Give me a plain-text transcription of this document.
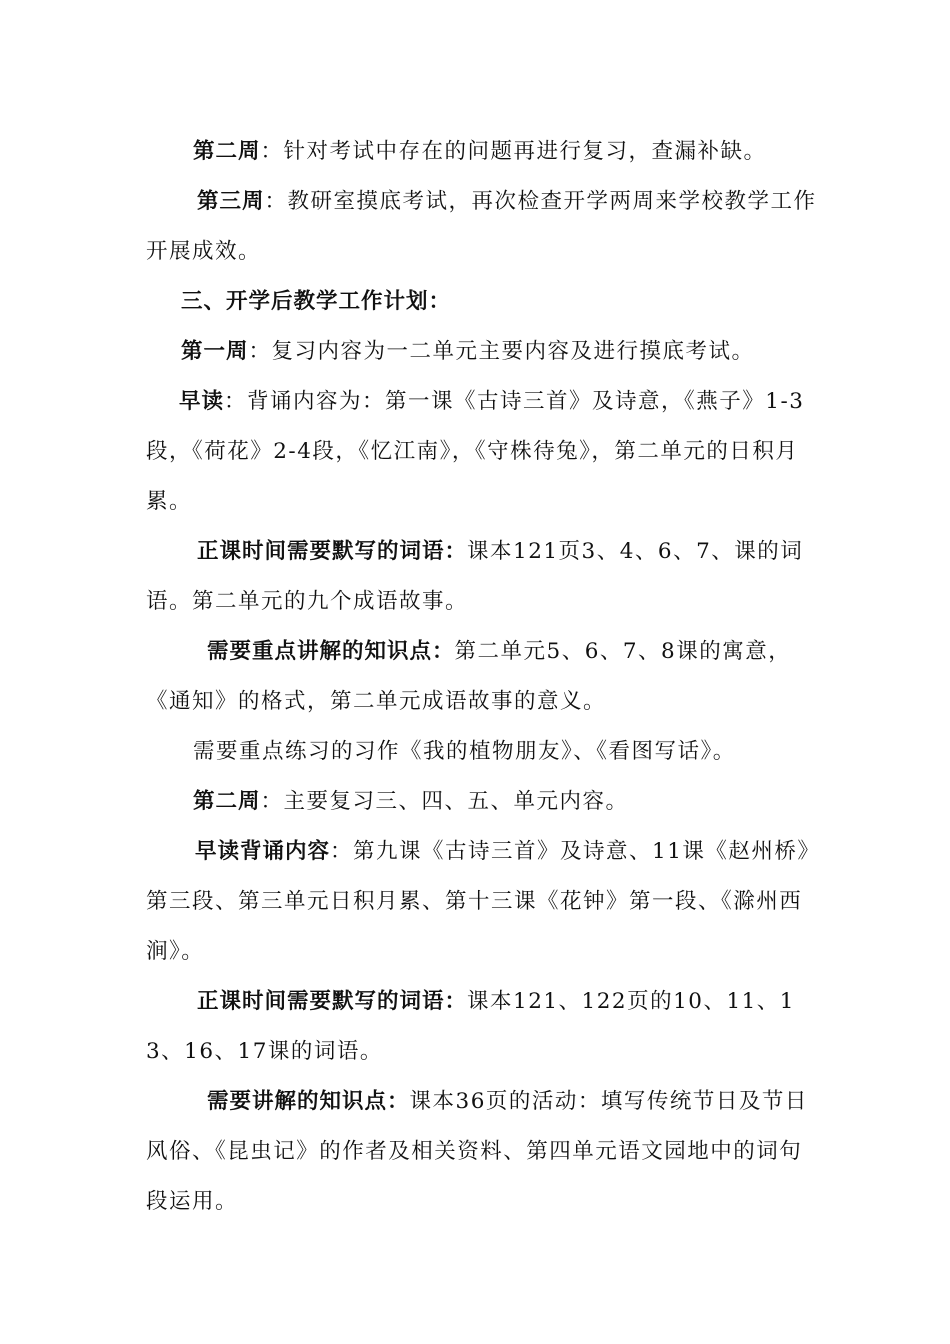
第二周：针对考试中存在的问题再进行复习，查漏补缺。

第三周：教研室摸底考试，再次检查开学两周来学校教学工作开展成效。

三、开学后教学工作计划：

第一周：复习内容为一二单元主要内容及进行摸底考试。

早读：背诵内容为：第一课《古诗三首》及诗意，《燕子》1-3段，《荷花》2-4段，《忆江南》，《守株待兔》，第二单元的日积月累。

正课时间需要默写的词语：课本121页3、4、6、7、课的词语。第二单元的九个成语故事。

需要重点讲解的知识点：第二单元5、6、7、8课的寓意，《通知》的格式，第二单元成语故事的意义。

需要重点练习的习作《我的植物朋友》、《看图写话》。

第二周：主要复习三、四、五、单元内容。

早读背诵内容：第九课《古诗三首》及诗意、11课《赵州桥》第三段、第三单元日积月累、第十三课《花钟》第一段、《滁州西涧》。

正课时间需要默写的词语：课本121、122页的10、11、13、16、17课的词语。

需要讲解的知识点：课本36页的活动：填写传统节日及节日风俗、《昆虫记》的作者及相关资料、第四单元语文园地中的词句段运用。
